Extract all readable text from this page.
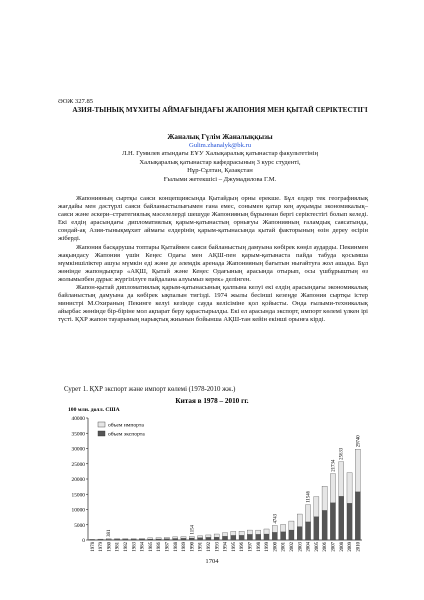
ӘОЖ 327.85
АЗИЯ-ТЫНЫҚ МҰХИТЫ АЙМАҒЫНДАҒЫ ЖАПОНИЯ МЕН ҚЫТАЙ СЕРІКТЕСТІГІ
Жаналық Гүлім Жаналыққызы
Gulim.zhanalyk@bk.ru
Л.Н. Гумилев атындағы ЕҰУ Халықаралық қатынастар факультетінің
Халықаралық қатынастар кафедрасының 3 курс студенті,
Нұр-Сұлтан, Қазақстан
Ғылыми жетекшісі – Джумадилова Г.М.

Жапонияның сыртқы саяси концепциясында Қытайдың орны ерекше. Бұл елдер тек географиялық жағдайы мен дәстүрлі саяси байланыстылығымен ғана емес, сонымен қатар кең ауқымды экономикалық–саяси және әскери–стратегиялық мәселелерді шешуде Жапонияның бұрыннан бергі серіктестігі болып келеді. Екі елдің арасындағы дипломатиялық қарым-қатынастың орнығуы Жапонияның ғаламдық саясатында, сондай-ақ Азия-тынықмұхит аймағы елдерінің қарым-қатынасында қытай факторының өзін дереу өсірін жіберді.

Жапония басқарушы топтары Қытаймен саяси байланыстың дамуына көбірек көңіл аударды. Пекинмен жақындасу Жапония үшін Кеңес Одағы мен АҚШ-пен қарым-қатынаста пайда табуда қосымша мүмкіншіліктер ашуы мүмкін еді және де әлемдік аренада Жапонияның бағытын нығайтуға жол ашады. Бұл жөнінде жапондықтар «АҚШ, Қытай және Кеңес Одағының арасында отырып, осы үшбұрыштың өз жолымызбен дұрыс жүргізілуге пайдалана алуымыз керек» делінген.

Жапон-қытай дипломатиялық қарым-қатынасының қалпына келуі екі елдің арасындағы экономикалық байланыстың дамуына да көбірек ықпалын тигізді. 1974 жылы бесінші кезеңде Жапония сыртқы істер министрі М.Охираның Пекинге келуі кезінде сауда келісіміне қол қойысты. Онда ғылыми-техникалық айырбас жөнінде бір-біріне мол ақпарат беру қарастырылды. Екі ел арасында экспорт, импорт көлемі үлкен ірі түсті. ҚХР жапон тауарының нарықтық жиынын бойынша АҚШ-тан кейін екінші орынға кірді.

Сурет 1. ҚХР экспорт және импорт көлемі (1978-2010 жж.)
Китая в 1978 – 2010 гг.
100 млн. долл. США
0
5000
10000
15000
20000
25000
30000
35000
40000
1978 1979 1980 1981 1982 1983 1984 1985 1986 1987 1988 1989 1990 1991 1992 1993 1994 1995 1996 1997 1998 1999 2000 2001 2002 2003 2004 2005 2006 2007 2008 2009 2010
381	1154
4743
11546
21734
25633
29740
объем импорта
объем экспорта
1704
